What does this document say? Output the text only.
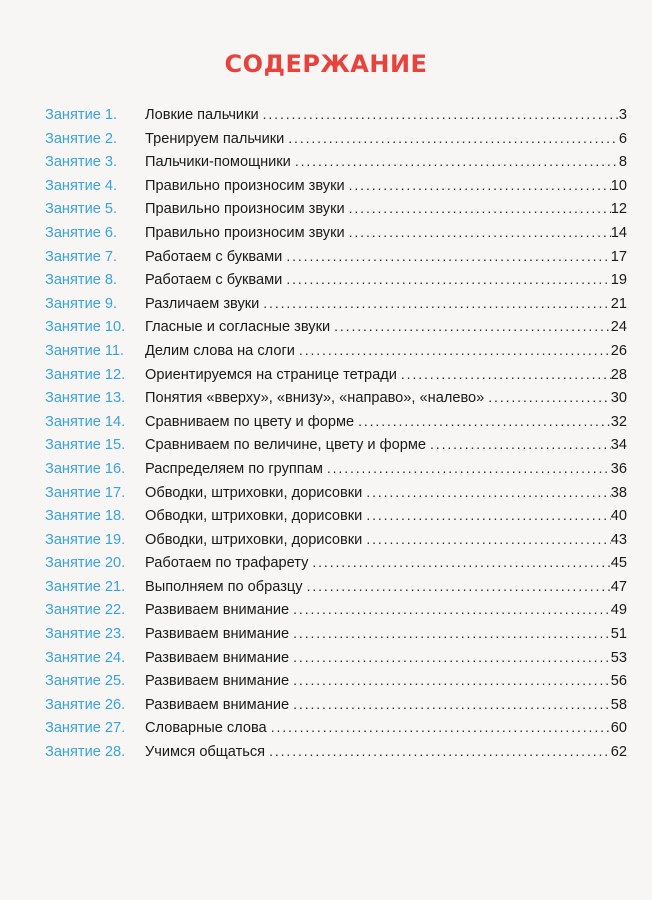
СОДЕРЖАНИЕ
Занятие 1.	Ловкие пальчики . . .	3
Занятие 2.	Тренируем пальчики . . .	6
Занятие 3.	Пальчики-помощники . . .	8
Занятие 4.	Правильно произносим звуки . . .	10
Занятие 5.	Правильно произносим звуки . . .	12
Занятие 6.	Правильно произносим звуки . . .	14
Занятие 7.	Работаем с буквами . . .	17
Занятие 8.	Работаем с буквами . . .	19
Занятие 9.	Различаем звуки . . .	21
Занятие 10.	Гласные и согласные звуки . . .	24
Занятие 11.	Делим слова на слоги . . .	26
Занятие 12.	Ориентируемся на странице тетради . . .	28
Занятие 13.	Понятия «вверху», «внизу», «направо», «налево» . . .	30
Занятие 14.	Сравниваем по цвету и форме . . .	32
Занятие 15.	Сравниваем по величине, цвету и форме . . .	34
Занятие 16.	Распределяем по группам . . .	36
Занятие 17.	Обводки, штриховки, дорисовки . . .	38
Занятие 18.	Обводки, штриховки, дорисовки . . .	40
Занятие 19.	Обводки, штриховки, дорисовки . . .	43
Занятие 20.	Работаем по трафарету . . .	45
Занятие 21.	Выполняем по образцу . . .	47
Занятие 22.	Развиваем внимание . . .	49
Занятие 23.	Развиваем внимание . . .	51
Занятие 24.	Развиваем внимание . . .	53
Занятие 25.	Развиваем внимание . . .	56
Занятие 26.	Развиваем внимание . . .	58
Занятие 27.	Словарные слова . . .	60
Занятие 28.	Учимся общаться . . .	62
